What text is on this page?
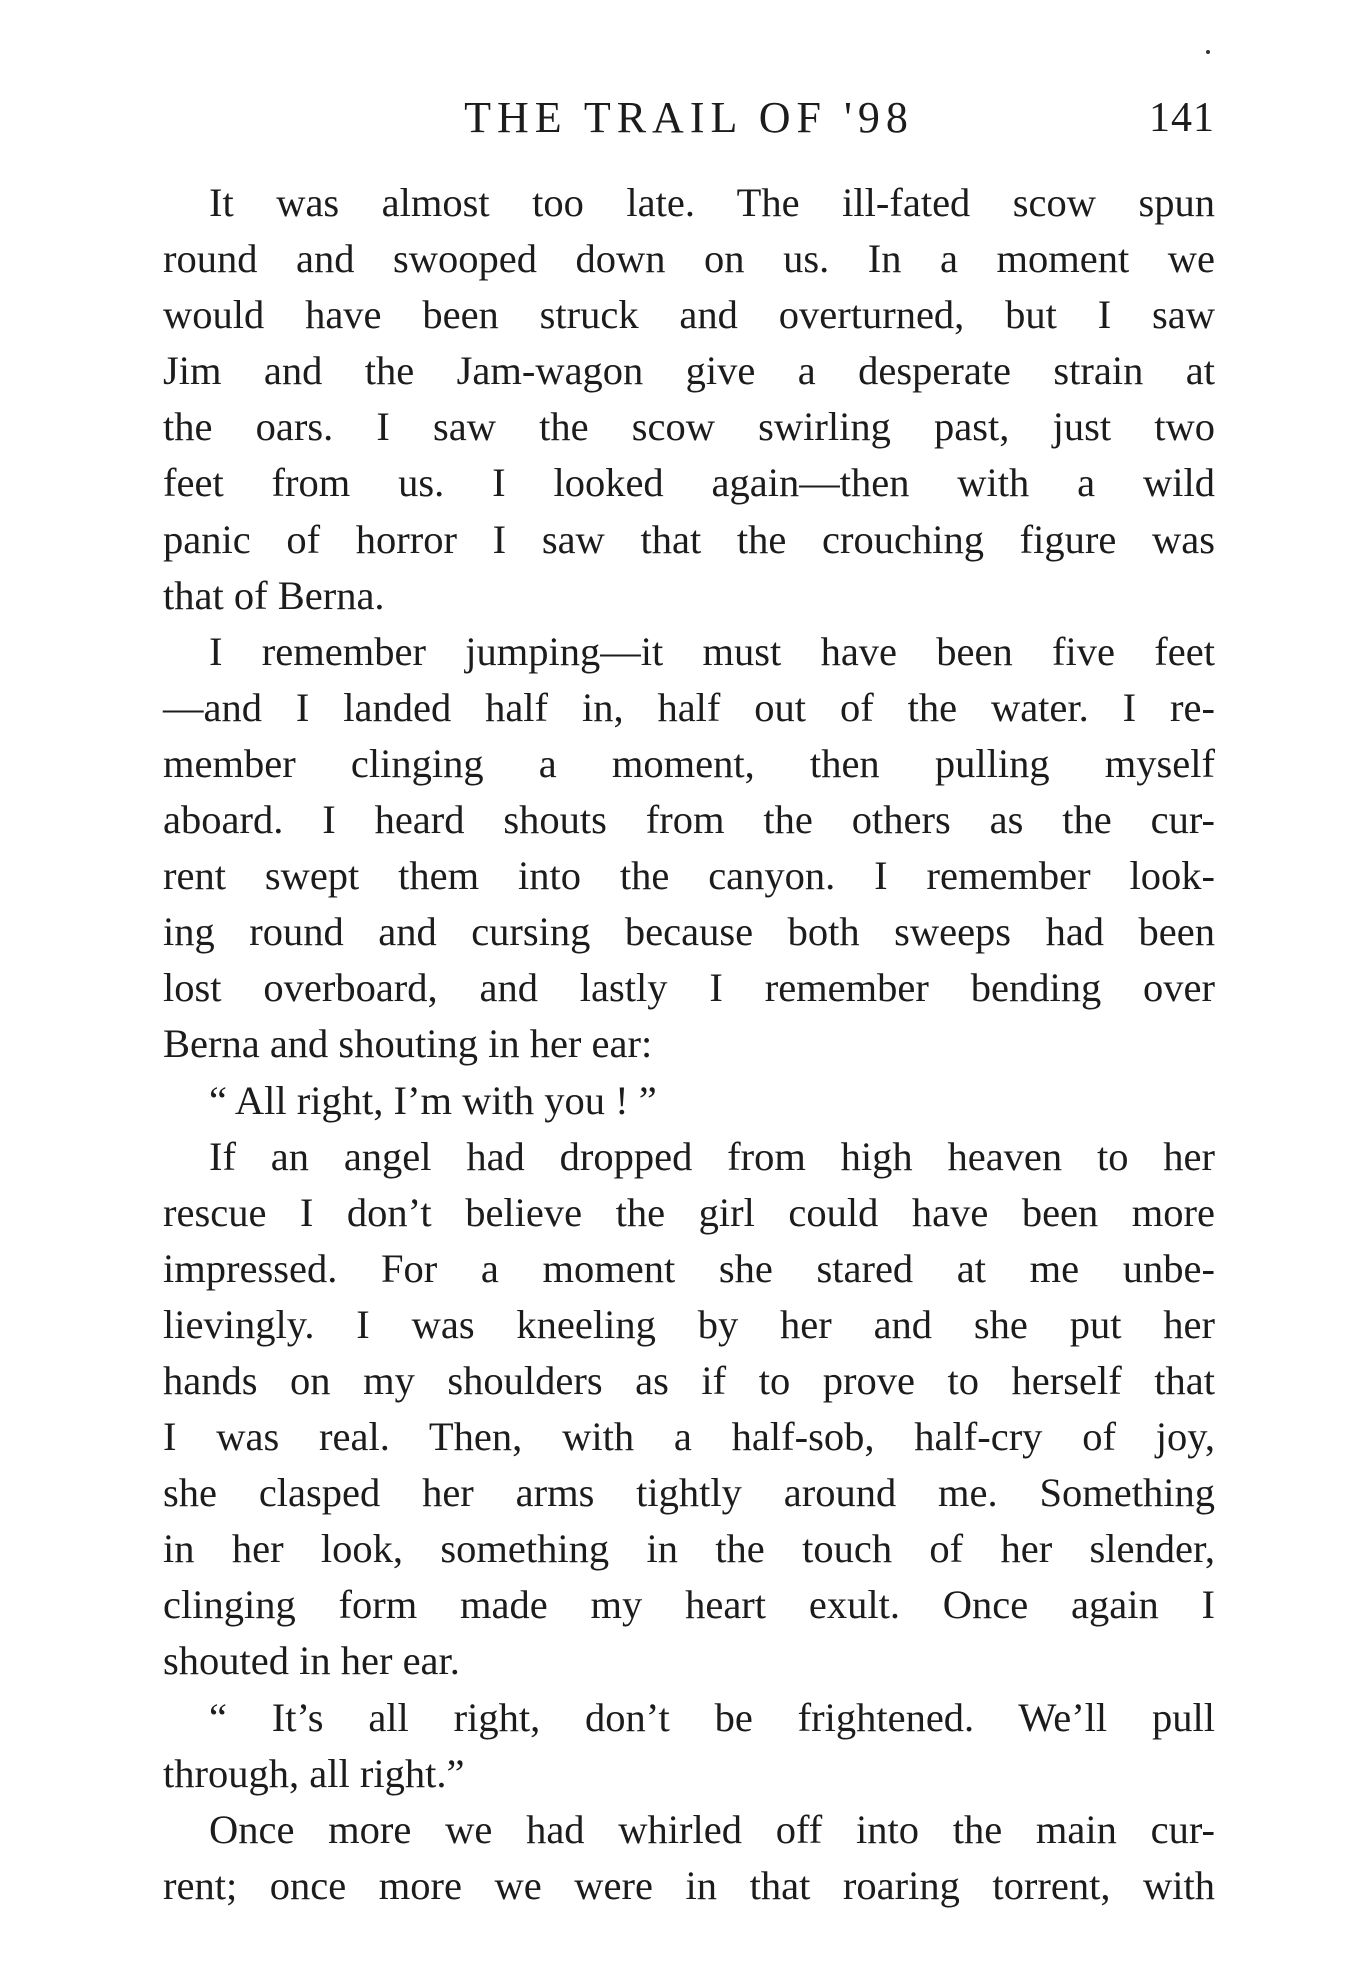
THE TRAIL OF '98	141
It was almost too late. The ill-fated scow spun
round and swooped down on us. In a moment we
would have been struck and overturned, but I saw
Jim and the Jam-wagon give a desperate strain at
the oars. I saw the scow swirling past, just two
feet from us. I looked again—then with a wild
panic of horror I saw that the crouching figure was
that of Berna.
I remember jumping—it must have been five feet
—and I landed half in, half out of the water. I re-
member clinging a moment, then pulling myself
aboard. I heard shouts from the others as the cur-
rent swept them into the canyon. I remember look-
ing round and cursing because both sweeps had been
lost overboard, and lastly I remember bending over
Berna and shouting in her ear:
“ All right, I’m with you ! ”
If an angel had dropped from high heaven to her
rescue I don’t believe the girl could have been more
impressed. For a moment she stared at me unbe-
lievingly. I was kneeling by her and she put her
hands on my shoulders as if to prove to herself that
I was real. Then, with a half-sob, half-cry of joy,
she clasped her arms tightly around me. Something
in her look, something in the touch of her slender,
clinging form made my heart exult. Once again I
shouted in her ear.
“ It’s all right, don’t be frightened. We’ll pull
through, all right.”
Once more we had whirled off into the main cur-
rent; once more we were in that roaring torrent, with
